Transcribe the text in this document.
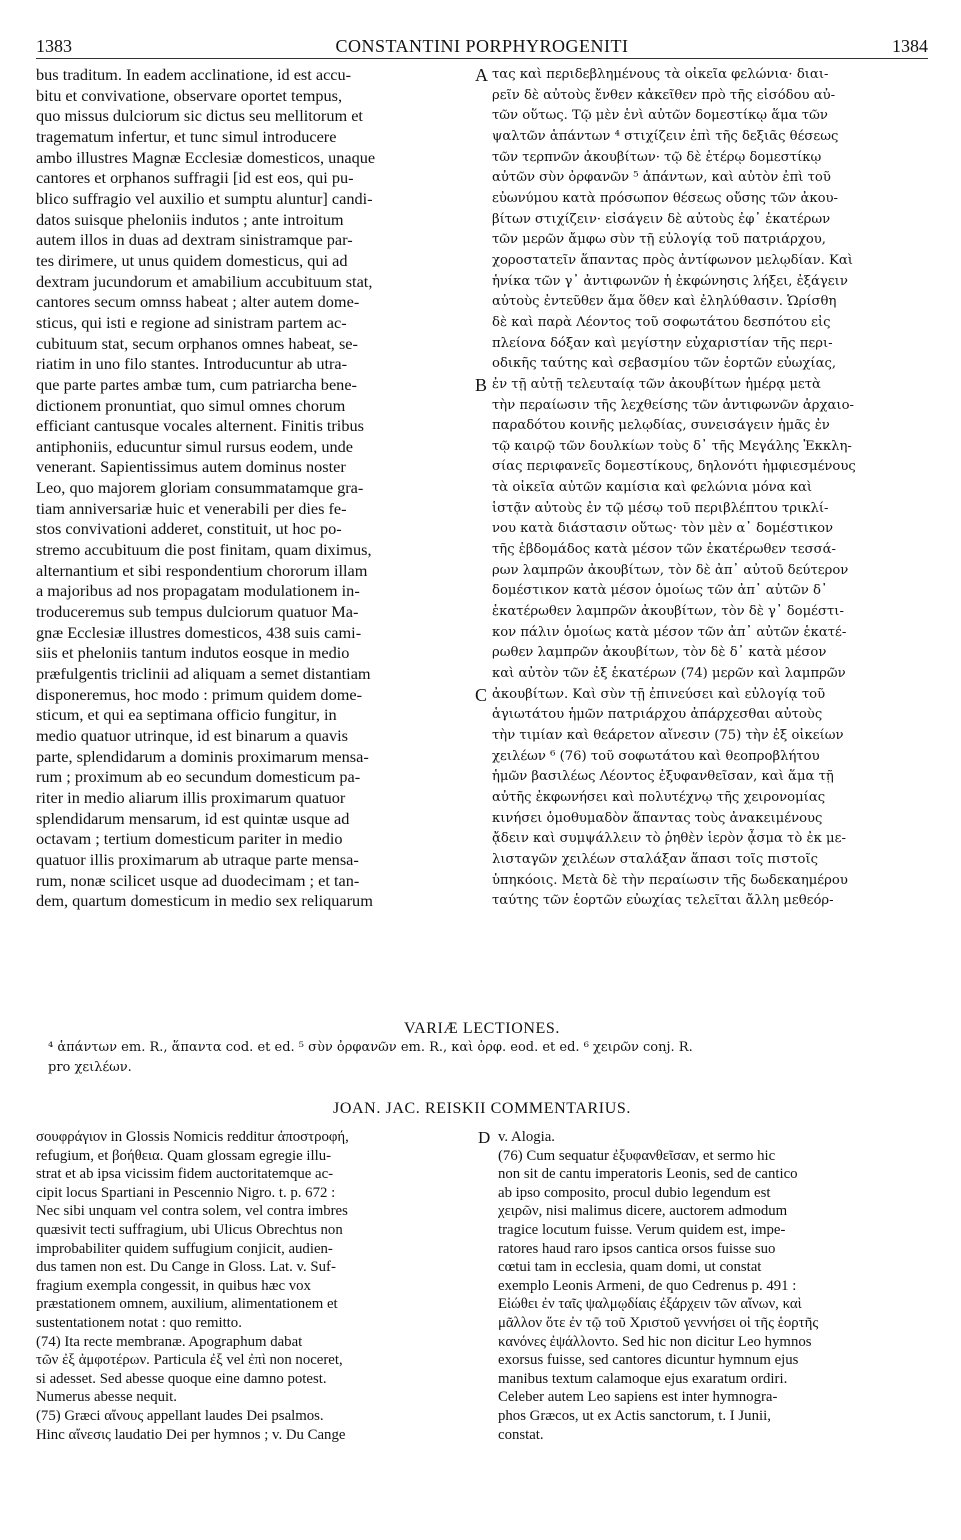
1383	CONSTANTINI PORPHYROGENITI	1384
bus traditum. In eadem acclinatione, id est accu-
bitu et convivatione, observare oportet tempus,
quo missus dulciorum sic dictus seu mellitorum et
tragematum infertur, et tunc simul introducere
ambo illustres Magnæ Ecclesiæ domesticos, unaque
cantores et orphanos suffragii [id est eos, qui pu-
blico suffragio vel auxilio et sumptu aluntur] candi-
datos suisque pheloniis indutos ; ante introitum
autem illos in duas ad dextram sinistramque par-
tes dirimere, ut unus quidem domesticus, qui ad
dextram jucundorum et amabilium accubituum stat,
cantores secum omnss habeat ; alter autem dome-
sticus, qui isti e regione ad sinistram partem ac-
cubituum stat, secum orphanos omnes habeat, se-
riatim in uno filo stantes. Introducuntur ab utra-
que parte partes ambæ tum, cum patriarcha bene-
dictionem pronuntiat, quo simul omnes chorum
efficiant cantusque vocales alternent. Finitis tribus
antiphoniis, educuntur simul rursus eodem, unde
venerant. Sapientissimus autem dominus noster
Leo, quo majorem gloriam consummatamque gra-
tiam anniversariæ huic et venerabili per dies fe-
stos convivationi adderet, constituit, ut hoc po-
stremo accubituum die post finitam, quam diximus,
alternantium et sibi respondentium chororum illam
a majoribus ad nos propagatam modulationem in-
troduceremus sub tempus dulciorum quatuor Ma-
gnæ Ecclesiæ illustres domesticos, 438 suis cami-
siis et pheloniis tantum indutos eosque in medio
præfulgentis triclinii ad aliquam a semet distantiam
disponeremus, hoc modo : primum quidem dome-
sticum, et qui ea septimana officio fungitur, in
medio quatuor utrinque, id est binarum a quavis
parte, splendidarum a dominis proximarum mensa-
rum ; proximum ab eo secundum domesticum pa-
riter in medio aliarum illis proximarum quatuor
splendidarum mensarum, id est quintæ usque ad
octavam ; tertium domesticum pariter in medio
quatuor illis proximarum ab utraque parte mensa-
rum, nonæ scilicet usque ad duodecimam ; et tan-
dem, quartum domesticum in medio sex reliquarum
τας καὶ περιδεβλημένους τὰ οἰκεῖα φελώνια· διαι-
ρεῖν δὲ αὐτοὺς ἔνθεν κἀκεῖθεν πρὸ τῆς εἰσόδου αὐ-
τῶν οὕτως. Τῷ μὲν ἑνὶ αὐτῶν δομεστίκῳ ἅμα τῶν
ψαλτῶν ἁπάντων ⁴ στιχίζειν ἐπὶ τῆς δεξιᾶς θέσεως
τῶν τερπνῶν ἀκουβίτων· τῷ δὲ ἑτέρῳ δομεστίκῳ
αὐτῶν σὺν ὀρφανῶν ⁵ ἁπάντων, καὶ αὐτὸν ἐπὶ τοῦ
εὐωνύμου κατὰ πρόσωπον θέσεως οὔσης τῶν ἀκου-
βίτων στιχίζειν· εἰσάγειν δὲ αὐτοὺς ἐφ᾽ ἑκατέρων
τῶν μερῶν ἄμφω σὺν τῇ εὐλογίᾳ τοῦ πατριάρχου,
χοροστατεῖν ἅπαντας πρὸς ἀντίφωνον μελῳδίαν. Καὶ
ἡνίκα τῶν γ᾽ ἀντιφωνῶν ἡ ἐκφώνησις λήξει, ἐξάγειν
αὐτοὺς ἐντεῦθεν ἅμα ὅθεν καὶ ἐληλύθασιν. Ὡρίσθη
δὲ καὶ παρὰ Λέοντος τοῦ σοφωτάτου δεσπότου εἰς
πλείονα δόξαν καὶ μεγίστην εὐχαριστίαν τῆς περι-
οδικῆς ταύτης καὶ σεβασμίου τῶν ἑορτῶν εὐωχίας,
ἐν τῇ αὐτῇ τελευταίᾳ τῶν ἀκουβίτων ἡμέρᾳ μετὰ
τὴν περαίωσιν τῆς λεχθείσης τῶν ἀντιφωνῶν ἀρχαιο-
παραδότου κοινῆς μελῳδίας, συνεισάγειν ἡμᾶς ἐν
τῷ καιρῷ τῶν δουλκίων τοὺς δ᾽ τῆς Μεγάλης Ἐκκλη-
σίας περιφανεῖς δομεστίκους, δηλονότι ἠμφιεσμένους
τὰ οἰκεῖα αὐτῶν καμίσια καὶ φελώνια μόνα καὶ
ἱστᾷν αὐτοὺς ἐν τῷ μέσῳ τοῦ περιβλέπτου τρικλί-
νου κατὰ διάστασιν οὕτως· τὸν μὲν α᾽ δομέστικον
τῆς ἑβδομάδος κατὰ μέσον τῶν ἑκατέρωθεν τεσσά-
ρων λαμπρῶν ἀκουβίτων, τὸν δὲ ἀπ᾽ αὐτοῦ δεύτερον
δομέστικον κατὰ μέσον ὁμοίως τῶν ἀπ᾽ αὐτῶν δ᾽
ἑκατέρωθεν λαμπρῶν ἀκουβίτων, τὸν δὲ γ᾽ δομέστι-
κον πάλιν ὁμοίως κατὰ μέσον τῶν ἀπ᾽ αὐτῶν ἑκατέ-
ρωθεν λαμπρῶν ἀκουβίτων, τὸν δὲ δ᾽ κατὰ μέσον
καὶ αὐτὸν τῶν ἐξ ἑκατέρων (74) μερῶν καὶ λαμπρῶν
ἀκουβίτων. Καὶ σὺν τῇ ἐπινεύσει καὶ εὐλογίᾳ τοῦ
ἁγιωτάτου ἡμῶν πατριάρχου ἀπάρχεσθαι αὐτοὺς
τὴν τιμίαν καὶ θεάρετον αἴνεσιν (75) τὴν ἐξ οἰκείων
χειλέων ⁶ (76) τοῦ σοφωτάτου καὶ θεοπροβλήτου
ἡμῶν βασιλέως Λέοντος ἐξυφανθεῖσαν, καὶ ἅμα τῇ
αὐτῆς ἐκφωνήσει καὶ πολυτέχνῳ τῆς χειρονομίας
κινήσει ὁμοθυμαδὸν ἅπαντας τοὺς ἀνακειμένους
ᾄδειν καὶ συμψάλλειν τὸ ῥηθὲν ἱερὸν ᾆσμα τὸ ἐκ με-
λισταγῶν χειλέων σταλάξαν ἅπασι τοῖς πιστοῖς
ὑπηκόοις. Μετὰ δὲ τὴν περαίωσιν τῆς δωδεκαημέρου
ταύτης τῶν ἑορτῶν εὐωχίας τελεῖται ἄλλη μεθεόρ-
A
B
C
VARIÆ LECTIONES.
⁴ ἁπάντων em. R., ἅπαντα cod. et ed. ⁵ σὺν ὀρφανῶν em. R., καὶ ὀρφ. eod. et ed. ⁶ χειρῶν conj. R.
pro χειλέων.
JOAN. JAC. REISKII COMMENTARIUS.
σουφράγιον in Glossis Nomicis redditur ἀποστροφή,
refugium, et βοήθεια. Quam glossam egregie illu-
strat et ab ipsa vicissim fidem auctoritatemque ac-
cipit locus Spartiani in Pescennio Nigro. t. p. 672 :
Nec sibi unquam vel contra solem, vel contra imbres
quæsivit tecti suffragium, ubi Ulicus Obrechtus non
improbabiliter quidem suffugium conjicit, audien-
dus tamen non est. Du Cange in Gloss. Lat. v. Suf-
fragium exempla congessit, in quibus hæc vox
præstationem omnem, auxilium, alimentationem et
sustentationem notat : quo remitto.
(74) Ita recte membranæ. Apographum dabat
τῶν ἐξ ἀμφοτέρων. Particula ἐξ vel ἐπὶ non noceret,
si adesset. Sed abesse quoque eine damno potest.
Numerus abesse nequit.
(75) Græci αἴνους appellant laudes Dei psalmos.
Hinc αἴνεσις laudatio Dei per hymnos ; v. Du Cange
D v. Alogia.
(76) Cum sequatur ἐξυφανθεῖσαν, et sermo hic
non sit de cantu imperatoris Leonis, sed de cantico
ab ipso composito, procul dubio legendum est
χειρῶν, nisi malimus dicere, auctorem admodum
tragice locutum fuisse. Verum quidem est, impe-
ratores haud raro ipsos cantica orsos fuisse suo
cœtui tam in ecclesia, quam domi, ut constat
exemplo Leonis Armeni, de quo Cedrenus p. 491 :
Εἰώθει ἐν ταῖς ψαλμῳδίαις ἐξάρχειν τῶν αἴνων, καὶ
μᾶλλον ὅτε ἐν τῷ τοῦ Χριστοῦ γεννήσει οἱ τῆς ἑορτῆς
κανόνες ἐψάλλοντο. Sed hic non dicitur Leo hymnos
exorsus fuisse, sed cantores dicuntur hymnum ejus
manibus textum calamoque ejus exaratum ordiri.
Celeber autem Leo sapiens est inter hymnogra-
phos Græcos, ut ex Actis sanctorum, t. I Junii,
constat.
